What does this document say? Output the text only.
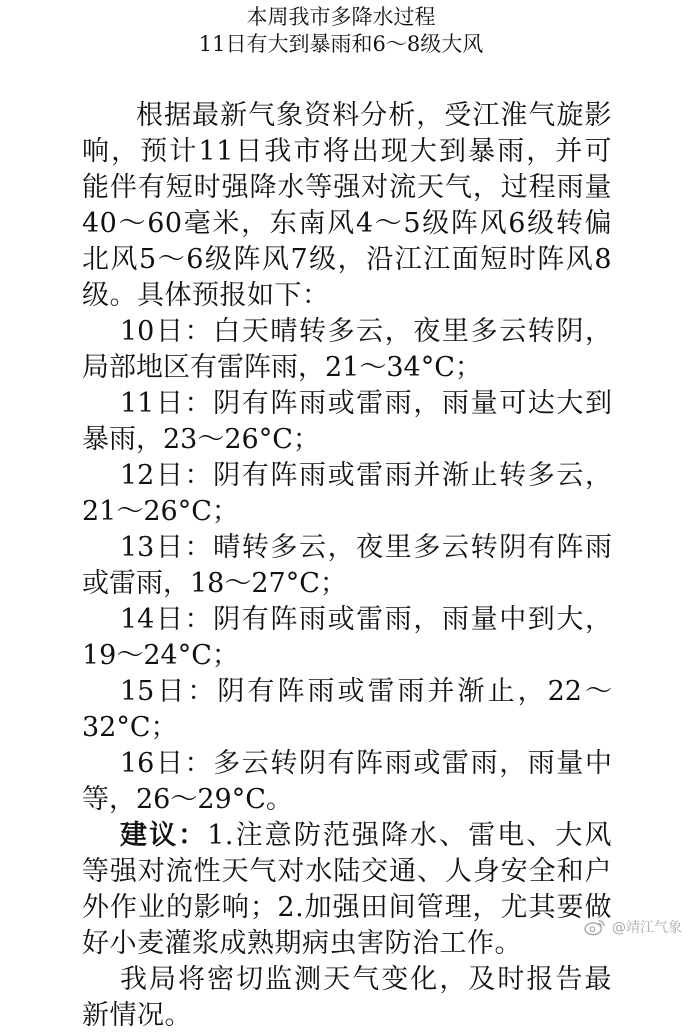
本周我市多降水过程
11日有大到暴雨和6～8级大风

根据最新气象资料分析，受江淮气旋影响，预计11日我市将出现大到暴雨，并可能伴有短时强降水等强对流天气，过程雨量40～60毫米，东南风4～5级阵风6级转偏北风5～6级阵风7级，沿江江面短时阵风8级。具体预报如下：

10日：白天晴转多云，夜里多云转阴，局部地区有雷阵雨，21～34°C；
11日：阴有阵雨或雷雨，雨量可达大到暴雨，23～26°C；
12日：阴有阵雨或雷雨并渐止转多云，21～26°C；
13日：晴转多云，夜里多云转阴有阵雨或雷雨，18～27°C；
14日：阴有阵雨或雷雨，雨量中到大，19～24°C；
15日：阴有阵雨或雷雨并渐止，22～32°C；
16日：多云转阴有阵雨或雷雨，雨量中等，26～29°C。

建议：1.注意防范强降水、雷电、大风等强对流性天气对水陆交通、人身安全和户外作业的影响；2.加强田间管理，尤其要做好小麦灌浆成熟期病虫害防治工作。

我局将密切监测天气变化，及时报告最新情况。

@靖江气象
